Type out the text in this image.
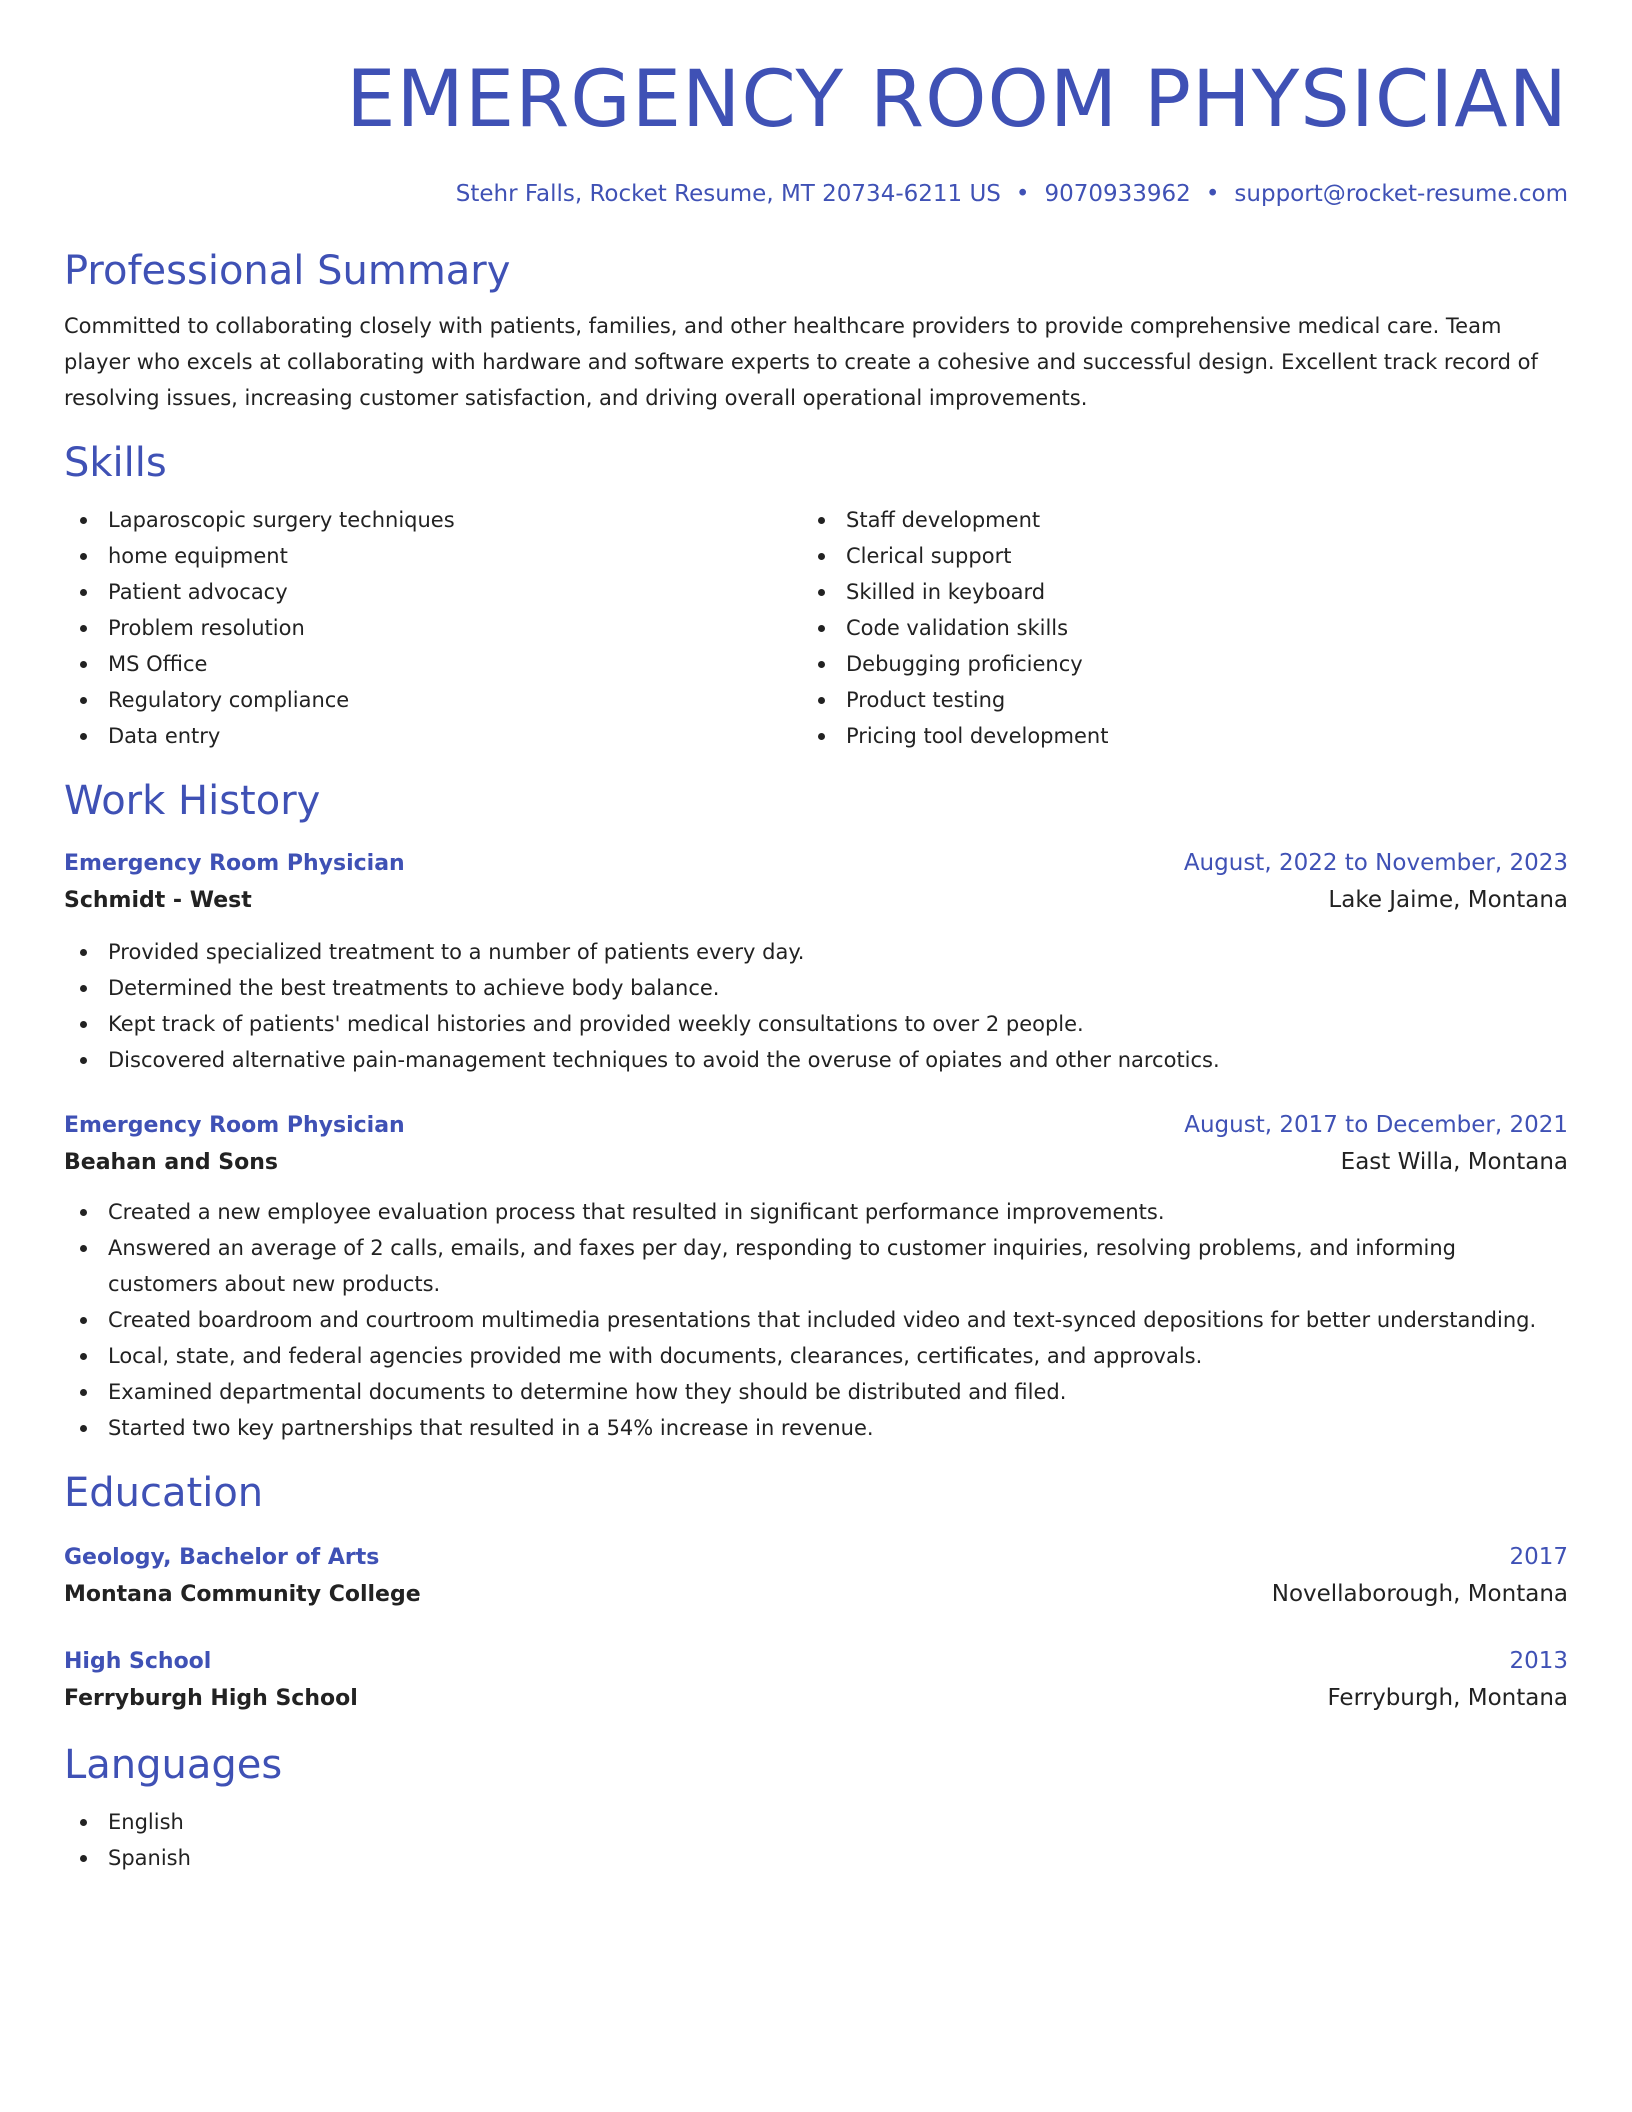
EMERGENCY ROOM PHYSICIAN
Stehr Falls, Rocket Resume, MT 20734-6211 US • 9070933962 • support@rocket-resume.com
Professional Summary
Committed to collaborating closely with patients, families, and other healthcare providers to provide comprehensive medical care. Team player who excels at collaborating with hardware and software experts to create a cohesive and successful design. Excellent track record of resolving issues, increasing customer satisfaction, and driving overall operational improvements.
Skills
Laparoscopic surgery techniques
home equipment
Patient advocacy
Problem resolution
MS Office
Regulatory compliance
Data entry
Staff development
Clerical support
Skilled in keyboard
Code validation skills
Debugging proficiency
Product testing
Pricing tool development
Work History
Emergency Room Physician	August, 2022 to November, 2023
Schmidt - West	Lake Jaime, Montana
Provided specialized treatment to a number of patients every day.
Determined the best treatments to achieve body balance.
Kept track of patients' medical histories and provided weekly consultations to over 2 people.
Discovered alternative pain-management techniques to avoid the overuse of opiates and other narcotics.
Emergency Room Physician	August, 2017 to December, 2021
Beahan and Sons	East Willa, Montana
Created a new employee evaluation process that resulted in significant performance improvements.
Answered an average of 2 calls, emails, and faxes per day, responding to customer inquiries, resolving problems, and informing customers about new products.
Created boardroom and courtroom multimedia presentations that included video and text-synced depositions for better understanding.
Local, state, and federal agencies provided me with documents, clearances, certificates, and approvals.
Examined departmental documents to determine how they should be distributed and filed.
Started two key partnerships that resulted in a 54% increase in revenue.
Education
Geology, Bachelor of Arts	2017
Montana Community College	Novellaborough, Montana
High School	2013
Ferryburgh High School	Ferryburgh, Montana
Languages
English
Spanish
